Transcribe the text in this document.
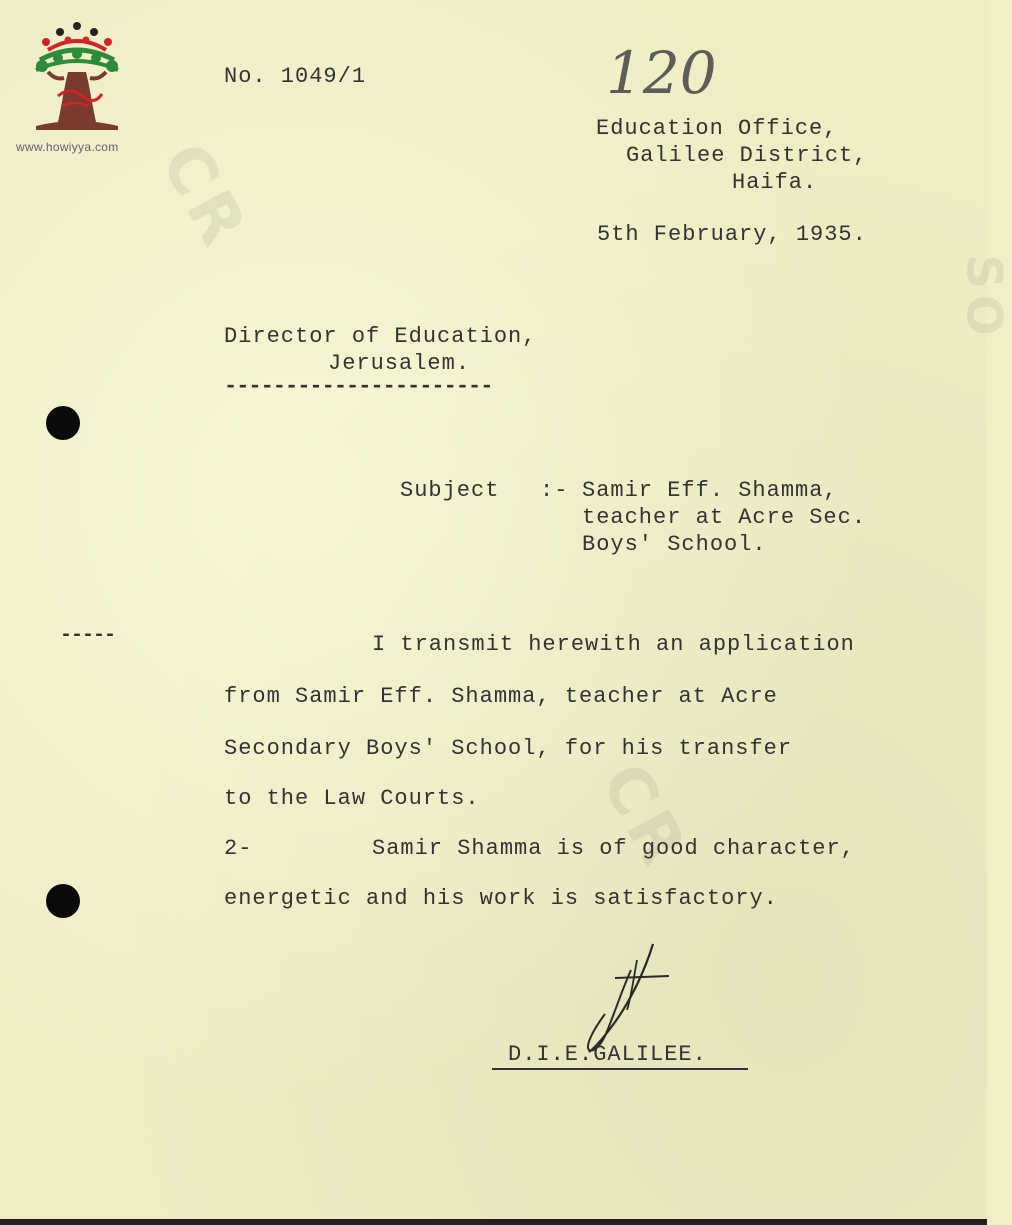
CR
CR
SO
www.howiyya.com
120
No. 1049/1
Education Office,
Galilee District,
Haifa.
5th February, 1935.
Director of Education,
Jerusalem.
----------------------
Subject :- Samir Eff. Shamma,
teacher at Acre Sec.
Boys' School.
-----	I transmit herewith an application
from Samir Eff. Shamma, teacher at Acre
Secondary Boys' School, for his transfer
to the Law Courts.
2-	Samir Shamma is of good character,
energetic and his work is satisfactory.
D.I.E.GALILEE.
